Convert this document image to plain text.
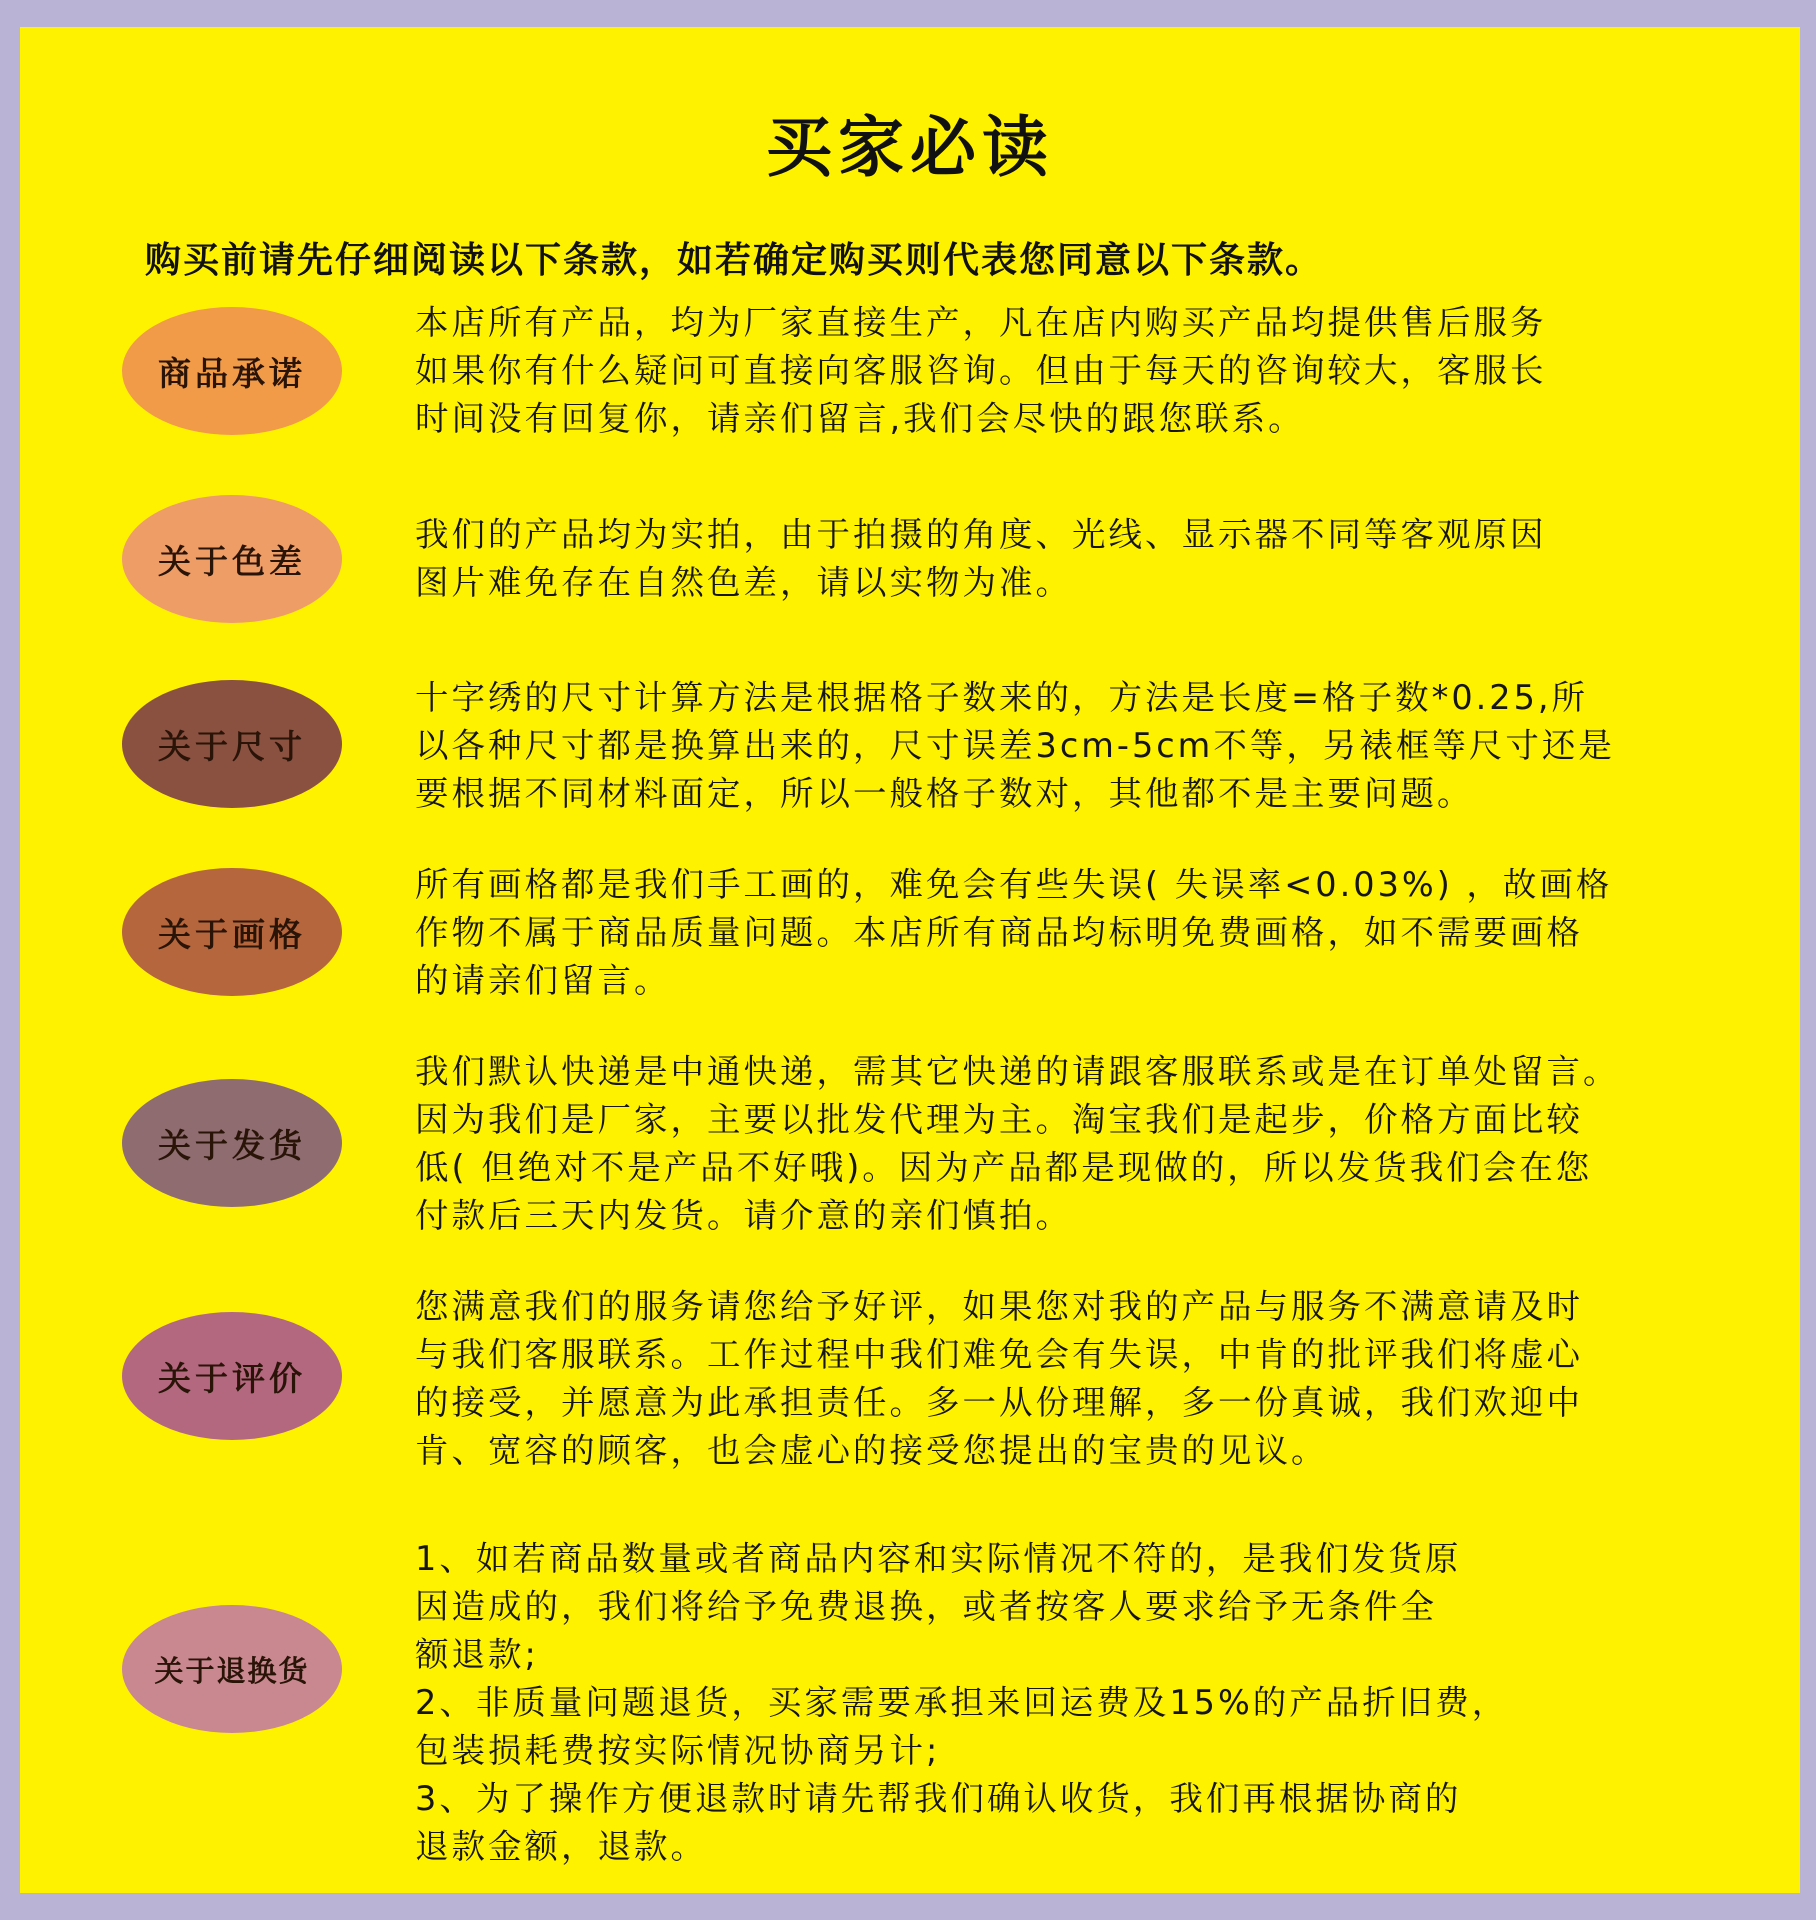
买家必读
购买前请先仔细阅读以下条款，如若确定购买则代表您同意以下条款。
商品承诺
本店所有产品，均为厂家直接生产，凡在店内购买产品均提供售后服务
如果你有什么疑问可直接向客服咨询。但由于每天的咨询较大，客服长
时间没有回复你，请亲们留言,我们会尽快的跟您联系。
关于色差
我们的产品均为实拍，由于拍摄的角度、光线、显示器不同等客观原因
图片难免存在自然色差，请以实物为准。
关于尺寸
十字绣的尺寸计算方法是根据格子数来的，方法是长度=格子数*0.25,所
以各种尺寸都是换算出来的，尺寸误差3cm-5cm不等，另裱框等尺寸还是
要根据不同材料面定，所以一般格子数对，其他都不是主要问题。
关于画格
所有画格都是我们手工画的，难免会有些失误( 失误率<0.03%) ，故画格
作物不属于商品质量问题。本店所有商品均标明免费画格，如不需要画格
的请亲们留言。
关于发货
我们默认快递是中通快递，需其它快递的请跟客服联系或是在订单处留言。
因为我们是厂家，主要以批发代理为主。淘宝我们是起步，价格方面比较
低( 但绝对不是产品不好哦)。因为产品都是现做的，所以发货我们会在您
付款后三天内发货。请介意的亲们慎拍。
关于评价
您满意我们的服务请您给予好评，如果您对我的产品与服务不满意请及时
与我们客服联系。工作过程中我们难免会有失误，中肯的批评我们将虚心
的接受，并愿意为此承担责任。多一从份理解，多一份真诚，我们欢迎中
肯、宽容的顾客，也会虚心的接受您提出的宝贵的见议。
关于退换货
1、如若商品数量或者商品内容和实际情况不符的，是我们发货原
因造成的，我们将给予免费退换，或者按客人要求给予无条件全
额退款;
2、非质量问题退货，买家需要承担来回运费及15%的产品折旧费，
包装损耗费按实际情况协商另计;
3、为了操作方便退款时请先帮我们确认收货，我们再根据协商的
退款金额，退款。
